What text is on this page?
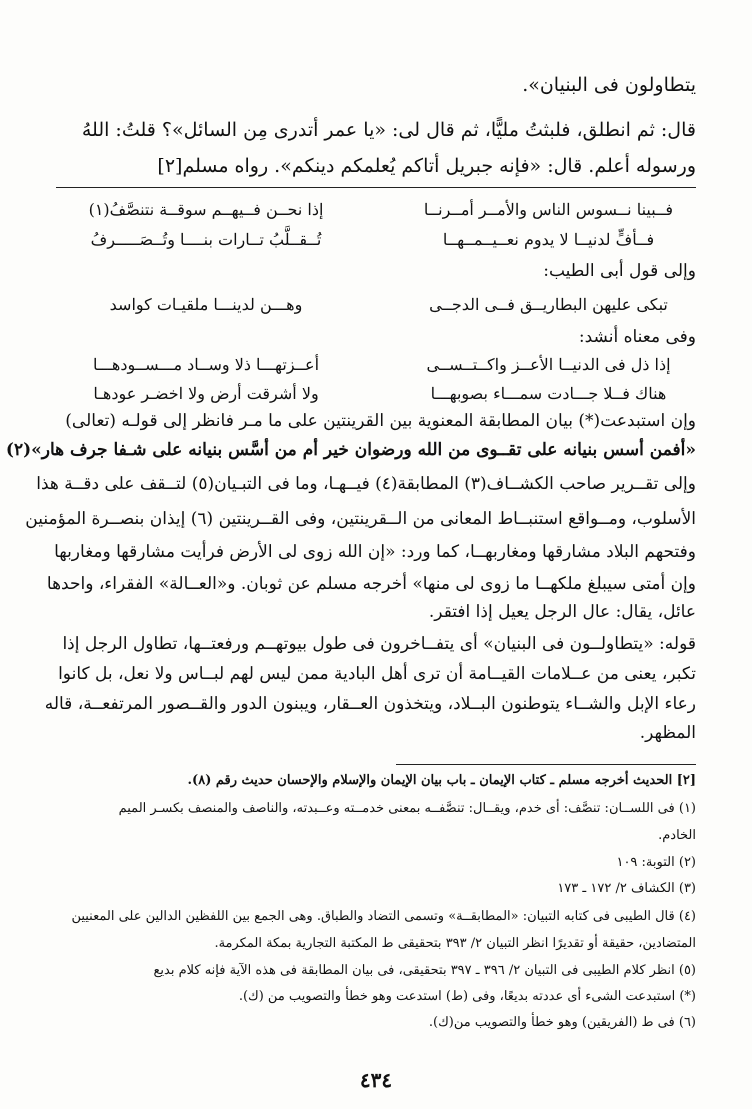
يتطاولون فى البنيان».
قال: ثم انطلق، فلبثتُ مليًّا، ثم قال لى: «يا عمر أتدرى مِن السائل»؟ قلتُ: اللهُ
ورسوله أعلم. قال: «فإنه جبريل أتاكم يُعلمكم دينكم». رواه مسلم[٢]
فــبينا نــسوس الناس والأمــر أمــرنــا
إذا نحــن فــيهــم سوقــة نتنصَّفُ(١)
فــأفٍّ لدنيــا لا يدوم نعــيــمــهــا
تُــقــلَّبُ تــارات بنــــا وتُــصَـــــرفُ
وإلى قول أبى الطيب:
تبكى عليهن البطاريــق فــى الدجــى
وهـــن لدينـــا ملقيـات كواسد
وفى معناه أنشد:
إذا ذل فى الدنيــا الأعــز واكــتــســى
أعــزتهـــا ذلا وســاد مـــســودهـــا
هناك فــلا جـــادت سمـــاء بصوبهـــا
ولا أشرقت أرض ولا اخضـر عودهـا
وإن استبدعت(*) بيان المطابقة المعنوية بين القرينتين على ما مـر فانظر إلى قولـه (تعالى)
«أفمن أسس بنيانه على تقــوى من الله ورضوان خير أم من أسَّس بنيانه على شـفا جرف هار»(٢)
وإلى تقــرير صاحب الكشــاف(٣) المطابقة(٤) فيــهـا، وما فى التبـيان(٥) لتــقف على دقــة هذا
الأسلوب، ومــواقع استنبــاط المعانى من الــقرينتين، وفى القــرينتين (٦) إيذان بنصــرة المؤمنين
وفتحهم البلاد مشارقها ومغاربهــا، كما ورد: «إن الله زوى لى الأرض فرأيت مشارقها ومغاربها
وإن أمتى سيبلغ ملكهــا ما زوى لى منها» أخرجه مسلم عن ثوبان. و«العــالة» الفقراء، واحدها
عائل، يقال: عال الرجل يعيل إذا افتقر.
قوله: «يتطاولــون فى البنيان» أى يتفــاخرون فى طول بيوتهــم ورفعتــها، تطاول الرجل إذا
تكبر، يعنى من عــلامات القيــامة أن ترى أهل البادية ممن ليس لهم لبــاس ولا نعل، بل كانوا
رعاء الإبل والشــاء يتوطنون البــلاد، ويتخذون العــقار، ويبنون الدور والقــصور المرتفعــة، قاله
المظهر.
[٢] الحديث أخرجه مسلم ـ كتاب الإيمان ـ باب بيان الإيمان والإسلام والإحسان حديث رقم (٨).
(١) فى اللســان: تنصَّف: أى خدم، ويقــال: تنصَّفــه بمعنى خدمــته وعــبدته، والناصف والمنصف بكسـر الميم
الخادم.
(٢) التوبة: ١٠٩
(٣) الكشاف ٢/ ١٧٢ ـ ١٧٣
(٤) قال الطيبى فى كتابه التبيان: «المطابقــة» وتسمى التضاد والطباق. وهى الجمع بين اللفظين الدالين على المعنيين
المتضادين، حقيقة أو تقديرًا انظر التبيان ٢/ ٣٩٣ بتحقيقى ط المكتبة التجارية بمكة المكرمة.
(٥) انظر كلام الطيبى فى التبيان ٢/ ٣٩٦ ـ ٣٩٧ بتحقيقى، فى بيان المطابقة فى هذه الآية فإنه كلام بديع
(*) استبدعت الشىء أى عددته بديعًا، وفى (ط) استدعت وهو خطأ والتصويب من (ك).
(٦) فى ط (الفريقين) وهو خطأ والتصويب من(ك).
٤٣٤
